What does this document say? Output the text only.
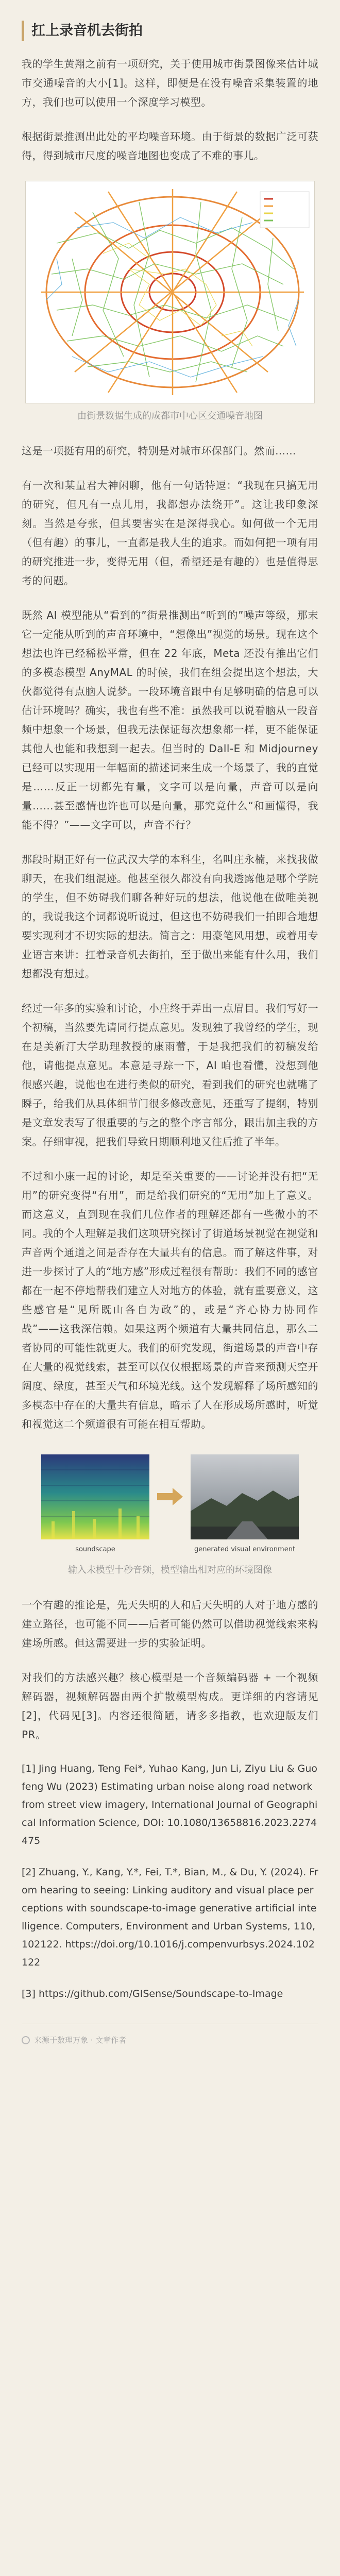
扛上录音机去街拍

我的学生黄翔之前有一项研究，关于使用城市街景图像来估计城市交通噪音的大小[1]。这样，即便是在没有噪音采集装置的地方，我们也可以使用一个深度学习模型。

根据街景推测出此处的平均噪音环境。由于街景的数据广泛可获得，得到城市尺度的噪音地图也变成了不难的事儿。

由街景数据生成的成都市中心区交通噪音地图

这是一项挺有用的研究，特别是对城市环保部门。然而……

有一次和某量君大神闲聊，他有一句话特逗：“我现在只搞无用的研究，但凡有一点儿用，我都想办法绕开”。这让我印象深刻。当然是夸张，但其要害实在是深得我心。如何做一个无用（但有趣）的事儿，一直都是我人生的追求。而如何把一项有用的研究推进一步，变得无用（但，希望还是有趣的）也是值得思考的问题。

既然 AI 模型能从“看到的”街景推测出“听到的”噪声等级，那末它一定能从听到的声音环境中，“想像出”视觉的场景。现在这个想法也许已经稀松平常，但在 22 年底，Meta 还没有推出它们的多模态模型 AnyMAL 的时候，我们在组会提出这个想法，大伙都觉得有点脑人说梦。一段环境音跟中有足够明确的信息可以估计环境吗？确实，我也有些不准：虽然我可以说看脑从一段音频中想象一个场景，但我无法保证每次想象都一样，更不能保证其他人也能和我想到一起去。但当时的 Dall-E 和 Midjourney 已经可以实现用一年幅面的描述词来生成一个场景了，我的直觉是……反正一切都先有量，文字可以是向量，声音可以是向量……甚至感情也许也可以是向量，那究竟什么“和画懂得，我能不得？”——文字可以，声音不行？

那段时期正好有一位武汉大学的本科生，名叫庄永楠，来找我做聊天，在我们组混迹。他甚至很久都没有向我透露他是哪个学院的学生，但不妨碍我们聊各种好玩的想法，他说他在做唯美视的，我说我这个词都说听说过，但这也不妨碍我们一拍即合地想要实现利才不切实际的想法。简言之：用豪笔风用想，或着用专业语言来讲：扛着录音机去街拍，至于做出来能有什么用，我们想都没有想过。

经过一年多的实验和讨论，小庄终于弄出一点眉目。我们写好一个初稿，当然要先请同行提点意见。发现独了我曾经的学生，现在是美新汀大学助理教授的康雨蕾，于是我把我们的初稿发给他，请他提点意见。本意是寻踪一下，AI 咱也看懂，没想到他很感兴趣，说他也在进行类似的研究，看到我们的研究也就嘴了瞬子，给我们从具体细节门很多修改意见，还重写了提纲，特别是文章发表写了很重要的与之的整个序言部分，跟出加主我的方案。仔细审视，把我们导致日期顺利地又往后推了半年。

不过和小康一起的讨论，却是至关重要的——讨论并没有把“无用”的研究变得“有用”，而是给我们研究的“无用”加上了意义。而这意义，直到现在我们几位作者的理解还都有一些微小的不同。我的个人理解是我们这项研究探讨了街道场景视觉在视觉和声音两个通道之间是否存在大量共有的信息。而了解这件事，对进一步探讨了人的“地方感”形成过程很有帮助：我们不同的感官都在一起不停地帮我们建立人对地方的体验，就有重要意义，这些感官是“见所既山各自为政”的，或是“齐心协力协同作战”——这我深信赖。如果这两个频道有大量共同信息，那么二者协同的可能性就更大。我们的研究发现，街道场景的声音中存在大量的视觉线索，甚至可以仅仅根据场景的声音来预测天空开阔度、绿度，甚至天气和环境光线。这个发现解释了场所感知的多模态中存在的大量共有信息，暗示了人在形成场所感时，听觉和视觉这二个频道很有可能在相互帮助。

soundscape	generated visual environment
输入未模型十秒音频，模型输出相对应的环境图像

一个有趣的推论是，先天失明的人和后天失明的人对于地方感的建立路径，也可能不同——后者可能仍然可以借助视觉线索来构建场所感。但这需要进一步的实验证明。

对我们的方法感兴趣？核心模型是一个音频编码器 + 一个视频解码器，视频解码器由两个扩散模型构成。更详细的内容请见 [2]，代码见[3]。内容还很简陋，请多多指教，也欢迎版友们PR。

[1] Jing Huang, Teng Fei*, Yuhao Kang, Jun Li, Ziyu Liu & Guofeng Wu (2023) Estimating urban noise along road network from street view imagery, International Journal of Geographical Information Science, DOI: 10.1080/13658816.2023.2274475
[2] Zhuang, Y., Kang, Y.*, Fei, T.*, Bian, M., & Du, Y. (2024). From hearing to seeing: Linking auditory and visual place perceptions with soundscape-to-image generative artificial intelligence. Computers, Environment and Urban Systems, 110, 102122. https://doi.org/10.1016/j.compenvurbsys.2024.102122
[3] https://github.com/GISense/Soundscape-to-Image
来源于数理万象 · 文章作者
